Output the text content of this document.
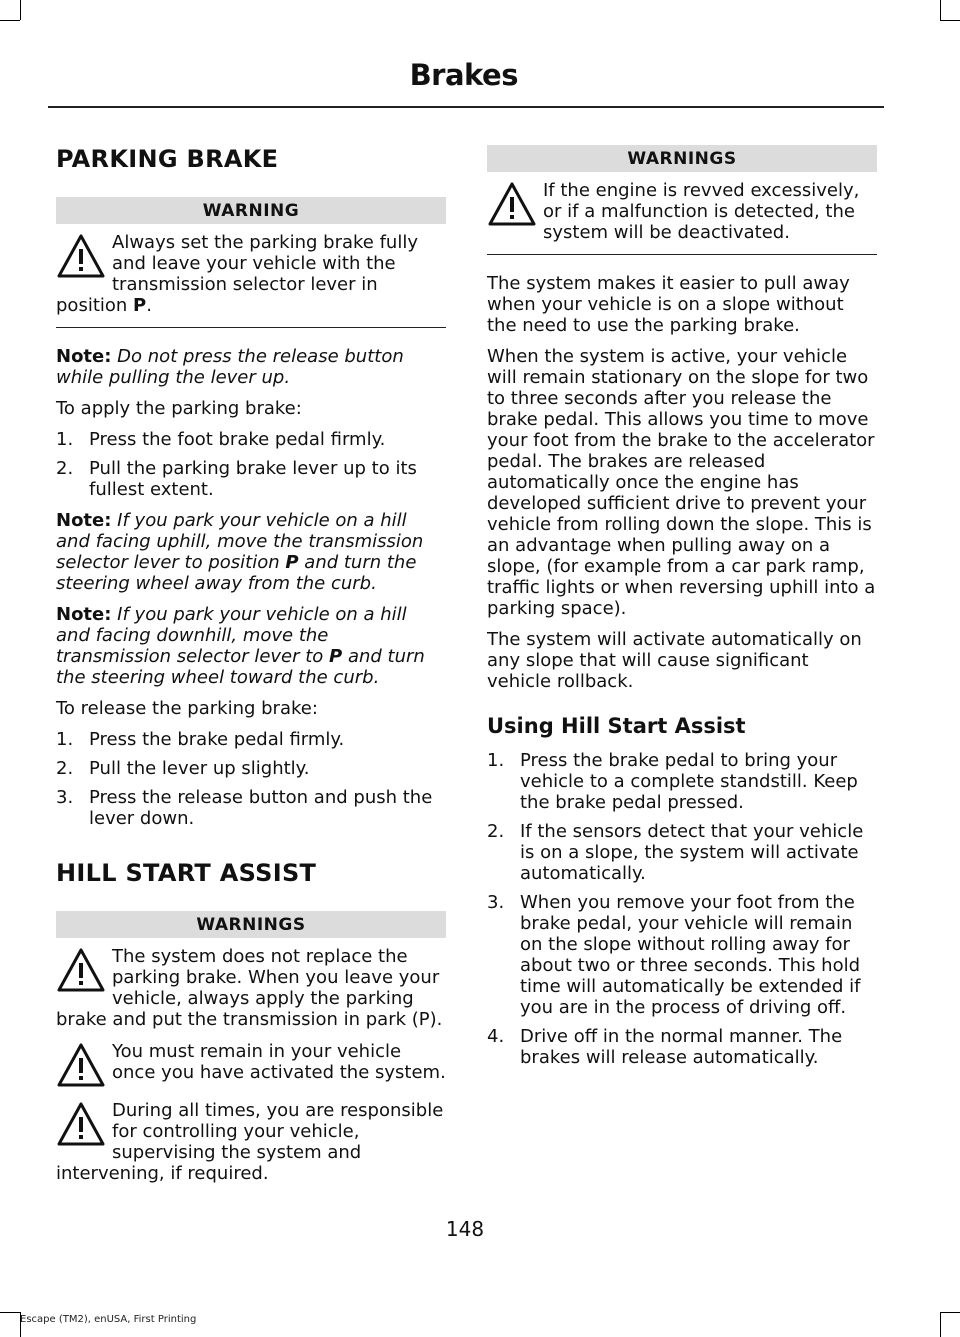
Brakes
PARKING BRAKE
WARNING
Always set the parking brake fully and leave your vehicle with the transmission selector lever in position P.

Note: Do not press the release button while pulling the lever up.

To apply the parking brake:

1. Press the foot brake pedal firmly.
2. Pull the parking brake lever up to its fullest extent.

Note: If you park your vehicle on a hill and facing uphill, move the transmission selector lever to position P and turn the steering wheel away from the curb.

Note: If you park your vehicle on a hill and facing downhill, move the transmission selector lever to P and turn the steering wheel toward the curb.

To release the parking brake:

1. Press the brake pedal firmly.
2. Pull the lever up slightly.
3. Press the release button and push the lever down.
HILL START ASSIST
WARNINGS
The system does not replace the parking brake. When you leave your vehicle, always apply the parking brake and put the transmission in park (P).
You must remain in your vehicle once you have activated the system.
During all times, you are responsible for controlling your vehicle, supervising the system and intervening, if required.
WARNINGS
If the engine is revved excessively, or if a malfunction is detected, the system will be deactivated.

The system makes it easier to pull away when your vehicle is on a slope without the need to use the parking brake.

When the system is active, your vehicle will remain stationary on the slope for two to three seconds after you release the brake pedal. This allows you time to move your foot from the brake to the accelerator pedal. The brakes are released automatically once the engine has developed sufficient drive to prevent your vehicle from rolling down the slope. This is an advantage when pulling away on a slope, (for example from a car park ramp, traffic lights or when reversing uphill into a parking space).

The system will activate automatically on any slope that will cause significant vehicle rollback.

Using Hill Start Assist
1. Press the brake pedal to bring your vehicle to a complete standstill. Keep the brake pedal pressed.
2. If the sensors detect that your vehicle is on a slope, the system will activate automatically.
3. When you remove your foot from the brake pedal, your vehicle will remain on the slope without rolling away for about two or three seconds. This hold time will automatically be extended if you are in the process of driving off.
4. Drive off in the normal manner. The brakes will release automatically.
148
Escape (TM2), enUSA, First Printing
